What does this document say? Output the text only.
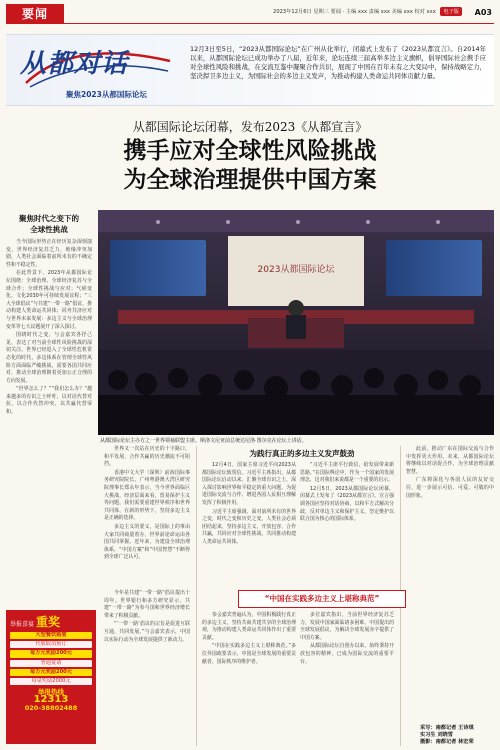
要闻	2023年12月6日 星期三 要闻 · 主编 xxx 责编 xxx 美编 xxx 校对 xxx 电子版	A03
从都对话
聚焦2023从都国际论坛
12月3日至5日，“2023从都国际论坛”在广州从化举行，闭幕式上发布了《2023从都宣言》。自2014年以来，从都国际论坛已成功举办了八届，近年来，论坛连续三届高举多边主义旗帜，倡导国际社会携手应对全球性风险和挑战，在交流互鉴中凝聚合作共识，展现了中国在百年未有之大变局中，保持战略定力，坚决捍卫多边主义，为国际社会的多边主义发声，为推动构建人类命运共同体贡献力量。
从都国际论坛闭幕，发布2023《从都宣言》
携手应对全球性风险挑战
为全球治理提供中国方案
聚焦时代之变下的
全球性挑战

当今国际形势正在经历复杂深刻演变，世界经济复苏乏力，地缘冲突加剧，人类社会面临着前所未有的不确定性和不稳定性。

在此背景下，2023年从都国际论坛围绕：全球治理、全球经济复苏与全球合作；全球性挑战与应对；气候变化、文化2030年可持续发展议程；“三大全球倡议”与共建“一带一路”倡议，推动构建人类命运共同体；同舟共济应对与世界未来发展：多边主义与全球治理变革等七大议题展开了深入探讨。

围绕时代之变，与会嘉宾各抒己见，表达了对当前全球性风险挑战的深切关注。世界已经进入了全球性危机常态化的时代，多边体系在管理全球性风险方面面临严峻挑战，需要各国共同应对，推动全球治理朝着更加公正合理的方向发展。

“世界怎么了？”“我们怎么办？”越来越多的有识之士呼吁，以对话代替对抗，以合作代替冲突，以共赢代替零和。

2023从都国际论坛
从都国际论坛主办方之一世界领袖联盟主席、斯洛文尼亚前总统达尼洛·图尔克在论坛上讲话。

世界又一次站在历史的十字路口，和平发展，合作共赢的历史潮流不可阻挡。

香港中文大学（深圳）前海国际事务研究院院长、广州粤港澳大湾区研究院理事长郑永年表示，当今世界面临巨大挑战，经济层面来看，贸易保护主义等问题，我们需要重建世界秩序和世界共同体，在新的形势下，坚持多边主义是正确的选择。

多边主义的要义，是国际上的事由大家共同商量着办，世界前途命运由各国共同掌握。近年来，为建设全球治理体系，“中国方案”和“中国智慧”不断得到全球广泛认可。

为践行真正的多边主义发声鼓劲

12月4日，国家主席习近平向2023从都国际论坛致贺信。习近平主席指出，从都国际论坛启动以来，汇聚全球有识之士，深入探讨影响世界和平稳定的重大问题，为促进国际交流与合作、增进各国人民相互理解发挥了积极作用。

习近平主席强调，面对前所未有的世界之变，时代之变和历史之变，人类社会必须团结起来，坚持多边主义，开放包容、合作共赢，共同应对全球性挑战，共同推动构建人类命运共同体。

“习近平主席平行致信，给发展带来新思路。”在国际舆论中，作为一个国家的发展理念，这对我们来说都是一个重要的启示。

12月5日，2023从都国际论坛闭幕。闭幕式上发布了《2023从都宣言》。宣言强调各国应坚持对话协商，以和平方式解决分歧，反对单边主义和保护主义，坚定维护以联合国为核心的国际体系。

此前，推动广东在国际交流与合作中发挥更大作用。未来，从都国际论坛将继续以对话促合作，为全球治理贡献智慧。

广东将深化与各国人民的友好交往，进一步展示可信、可爱、可敬的中国形象。

“中国在实践多边主义上堪称典范”

今年是共建“一带一路”倡议提出十周年。世界银行和多方研究显示，共建“一带一路”为参与国和世界经济增长带来了积极贡献。

“‘一带一路’倡议的宗旨是促进互联互通，共同发展。”与会嘉宾表示，中国以实际行动为全球发展提供了新动力。

参会嘉宾普遍认为，中国积极践行真正的多边主义，坚持共商共建共享的全球治理观，为推动构建人类命运共同体作出了重要贡献。

“中国在实践多边主义上堪称典范。”多位外国政要表示，中国是全球发展的重要贡献者、国际秩序的维护者。

多位嘉宾指出，当前世界经济复苏乏力，发展中国家面临诸多困难。中国提出的全球发展倡议，为解决全球发展赤字提供了中国方案。

从都国际论坛自创办以来，始终秉持开放包容的精神，已成为国际交流的重要平台。

举报喜宴 重奖
大型餐饮婚宴
代收取消预订
每万元奖励200元
普通宴请
每万元奖励200元
每桌奖励2000元
举报热线
12313
020-38802488
采写：南都记者 王诗琪
实习生 刘晓雪
摄影：南都记者 林宏荣
